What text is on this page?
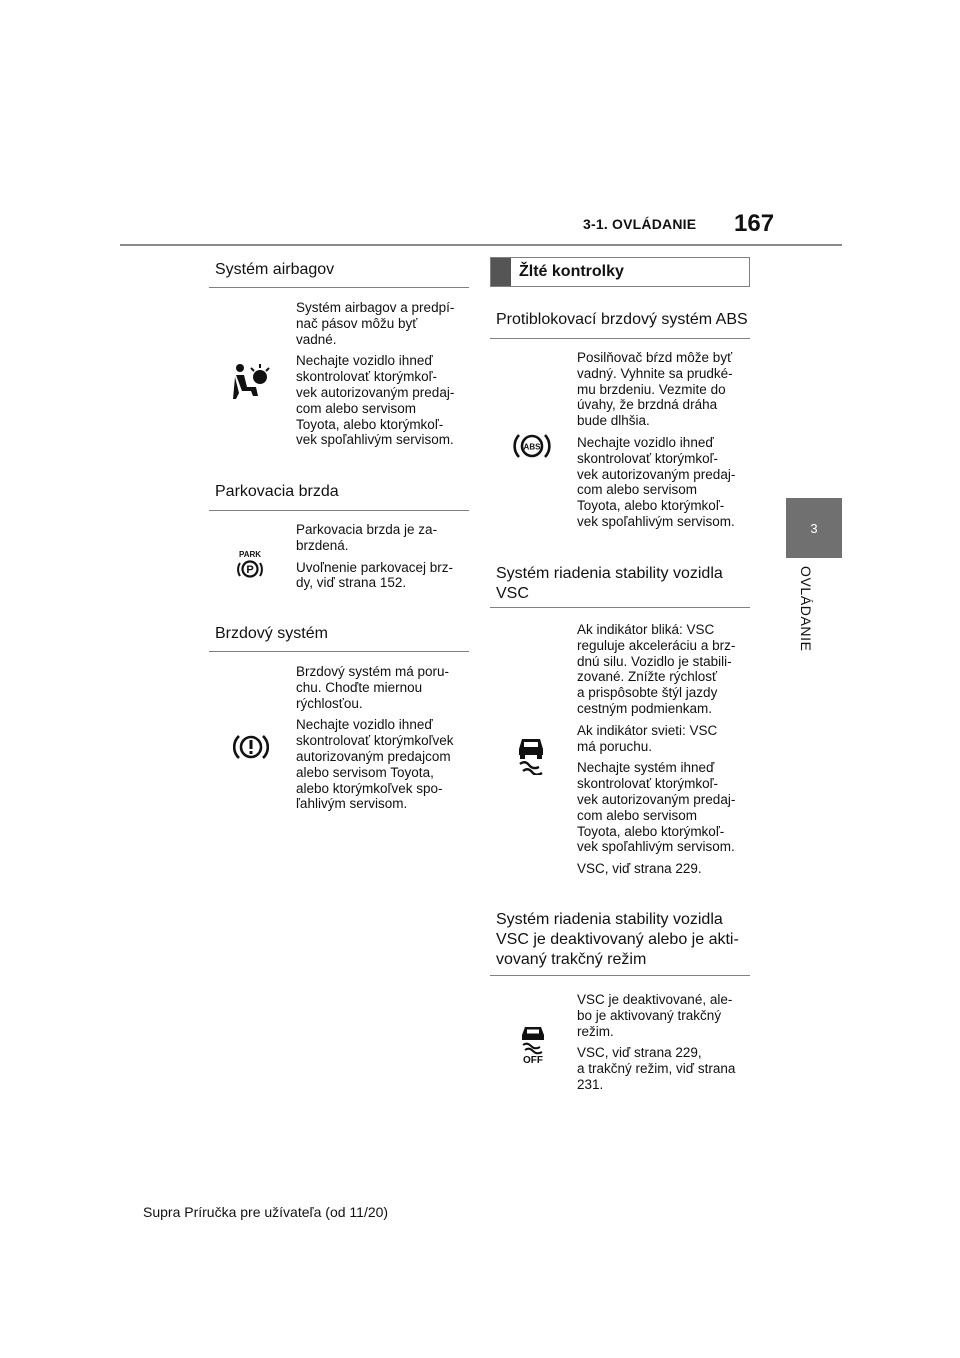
3-1. OVLÁDANIE 167
3
OVLÁDANIE
Systém airbagov

Systém airbagov a predpí-
nač pásov môžu byť
vadné.

Nechajte vozidlo ihneď
skontrolovať ktorýmkoľ-
vek autorizovaným predaj-
com alebo servisom
Toyota, alebo ktorýmkoľ-
vek spoľahlivým servisom.

Parkovacia brzda
PARK
P

Parkovacia brzda je za-
brzdená.

Uvoľnenie parkovacej brz-
dy, viď strana 152.

Brzdový systém

Brzdový systém má poru-
chu. Choďte miernou
rýchlosťou.

Nechajte vozidlo ihneď
skontrolovať ktorýmkoľvek
autorizovaným predajcom
alebo servisom Toyota,
alebo ktorýmkoľvek spo-
ľahlivým servisom.

Žlté kontrolky
Protiblokovací brzdový systém ABS
ABS

Posilňovač bŕzd môže byť
vadný. Vyhnite sa prudké-
mu brzdeniu. Vezmite do
úvahy, že brzdná dráha
bude dlhšia.

Nechajte vozidlo ihneď
skontrolovať ktorýmkoľ-
vek autorizovaným predaj-
com alebo servisom
Toyota, alebo ktorýmkoľ-
vek spoľahlivým servisom.

Systém riadenia stability vozidla
VSC

Ak indikátor bliká: VSC
reguluje akceleráciu a brz-
dnú silu. Vozidlo je stabili-
zované. Znížte rýchlosť
a prispôsobte štýl jazdy
cestným podmienkam.

Ak indikátor svieti: VSC
má poruchu.

Nechajte systém ihneď
skontrolovať ktorýmkoľ-
vek autorizovaným predaj-
com alebo servisom
Toyota, alebo ktorýmkoľ-
vek spoľahlivým servisom.

VSC, viď strana 229.

Systém riadenia stability vozidla
VSC je deaktivovaný alebo je akti-
vovaný trakčný režim
OFF

VSC je deaktivované, ale-
bo je aktivovaný trakčný
režim.

VSC, viď strana 229,
a trakčný režim, viď strana
231.

Supra Príručka pre užívateľa (od 11/20)
